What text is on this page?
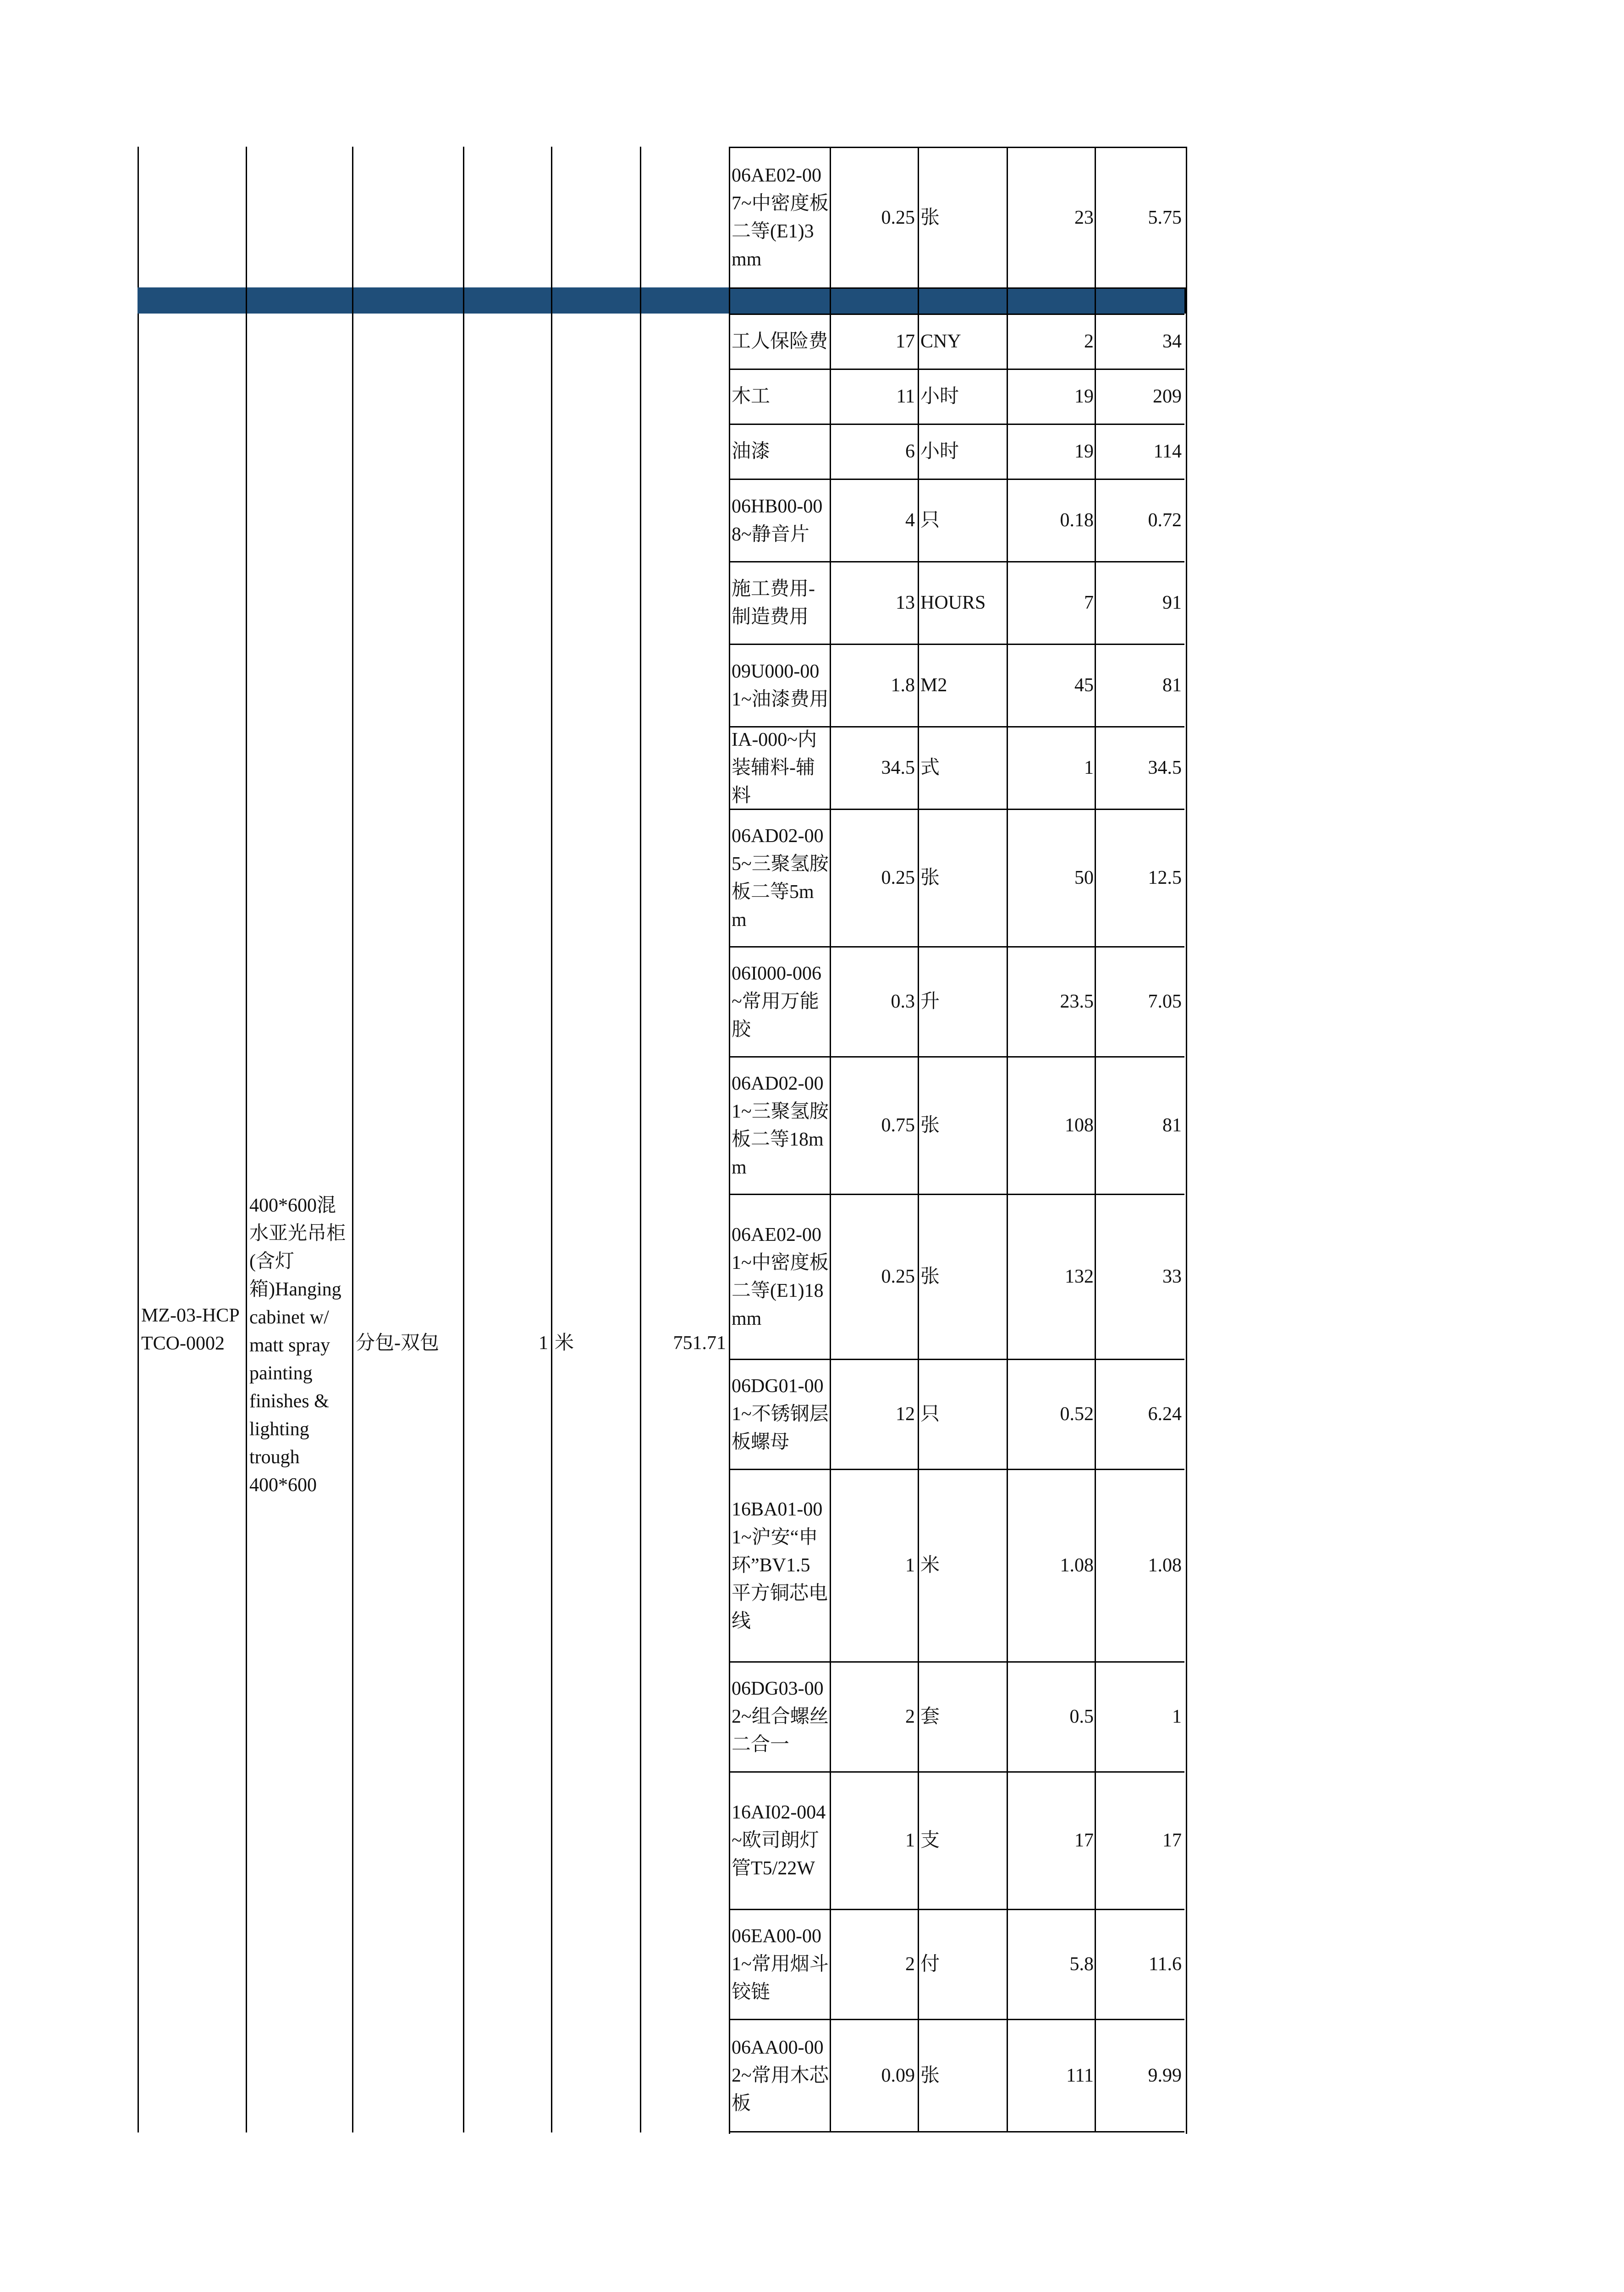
MZ-03-HCPTCO-0002
400*600混水亚光吊柜(含灯箱)Hanging cabinet w/ matt spray painting finishes & lighting trough 400*600
分包-双包	1 米	751.71
06AE02-007~中密度板二等(E1)3mm
0.25 张	23	5.75
工人保险费	17 CNY	2	34
木工	11 小时	19	209
油漆	6 小时	19	114
06HB00-008~静音片
4 只	0.18	0.72
施工费用-制造费用
13 HOURS	7	91
09U000-001~油漆费用
1.8 M2	45	81
IA-000~内装辅料-辅料
34.5 式	1	34.5
06AD02-005~三聚氢胺板二等5mm
0.25 张	50	12.5
06I000-006~常用万能胶
0.3 升	23.5	7.05
06AD02-001~三聚氢胺板二等18mm
0.75 张	108	81
06AE02-001~中密度板二等(E1)18mm
0.25 张	132	33
06DG01-001~不锈钢层板螺母
12 只	0.52	6.24
16BA01-001~沪安“申环”BV1.5平方铜芯电线
1 米	1.08	1.08
06DG03-002~组合螺丝二合一
2 套	0.5	1
16AI02-004~欧司朗灯管T5/22W
1 支	17	17
06EA00-001~常用烟斗铰链
2 付	5.8	11.6
06AA00-002~常用木芯板
0.09 张	111	9.99
